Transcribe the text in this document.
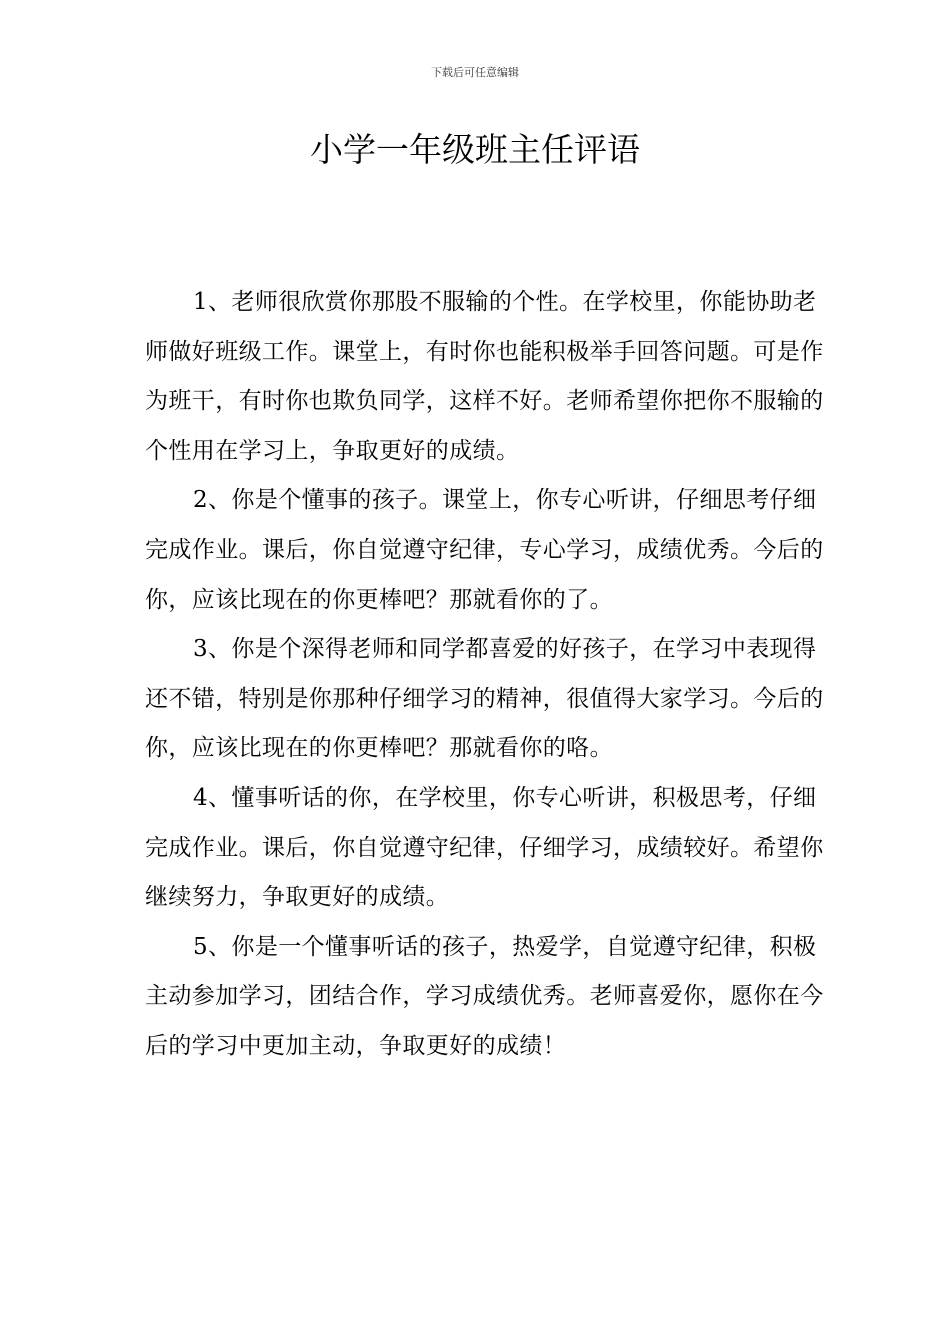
下载后可任意编辑
小学一年级班主任评语

1、老师很欣赏你那股不服输的个性。在学校里，你能协助老师做好班级工作。课堂上，有时你也能积极举手回答问题。可是作为班干，有时你也欺负同学，这样不好。老师希望你把你不服输的个性用在学习上，争取更好的成绩。

2、你是个懂事的孩子。课堂上，你专心听讲，仔细思考仔细完成作业。课后，你自觉遵守纪律，专心学习，成绩优秀。今后的你，应该比现在的你更棒吧？那就看你的了。

3、你是个深得老师和同学都喜爱的好孩子，在学习中表现得还不错，特别是你那种仔细学习的精神，很值得大家学习。今后的你，应该比现在的你更棒吧？那就看你的咯。

4、懂事听话的你，在学校里，你专心听讲，积极思考，仔细完成作业。课后，你自觉遵守纪律，仔细学习，成绩较好。希望你继续努力，争取更好的成绩。

5、你是一个懂事听话的孩子，热爱学，自觉遵守纪律，积极主动参加学习，团结合作，学习成绩优秀。老师喜爱你，愿你在今后的学习中更加主动，争取更好的成绩！
